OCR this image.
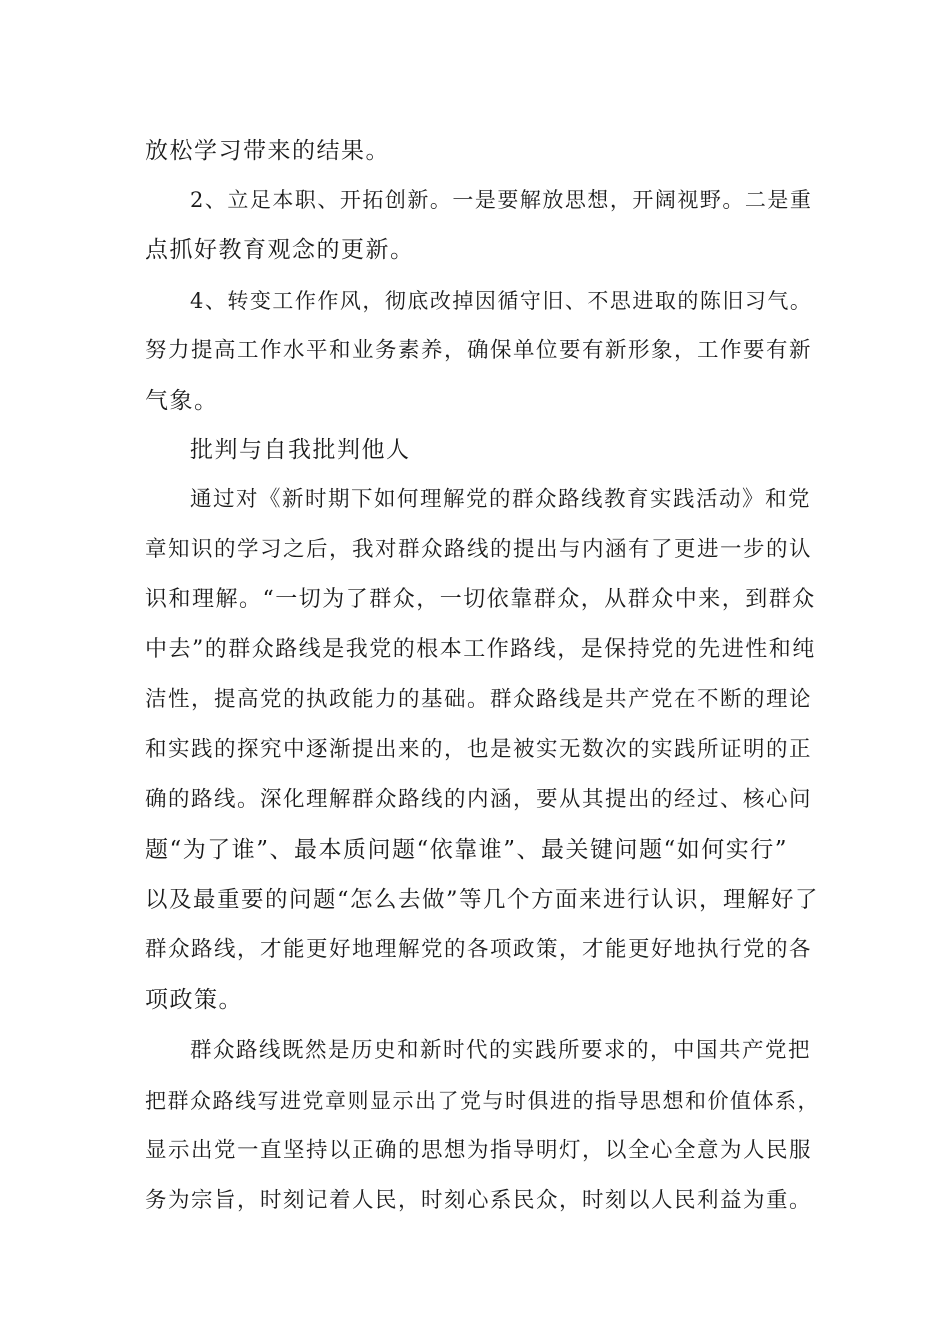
放松学习带来的结果。

2、立足本职、开拓创新。一是要解放思想，开阔视野。二是重

点抓好教育观念的更新。

4、转变工作作风，彻底改掉因循守旧、不思进取的陈旧习气。

努力提高工作水平和业务素养，确保单位要有新形象，工作要有新

气象。

批判与自我批判他人

通过对《新时期下如何理解党的群众路线教育实践活动》和党

章知识的学习之后，我对群众路线的提出与内涵有了更进一步的认

识和理解。“一切为了群众，一切依靠群众，从群众中来，到群众

中去”的群众路线是我党的根本工作路线，是保持党的先进性和纯

洁性，提高党的执政能力的基础。群众路线是共产党在不断的理论

和实践的探究中逐渐提出来的，也是被实无数次的实践所证明的正

确的路线。深化理解群众路线的内涵，要从其提出的经过、核心问

题“为了谁”、最本质问题“依靠谁”、最关键问题“如何实行”

以及最重要的问题“怎么去做”等几个方面来进行认识，理解好了

群众路线，才能更好地理解党的各项政策，才能更好地执行党的各

项政策。

群众路线既然是历史和新时代的实践所要求的，中国共产党把

把群众路线写进党章则显示出了党与时俱进的指导思想和价值体系，

显示出党一直坚持以正确的思想为指导明灯，以全心全意为人民服

务为宗旨，时刻记着人民，时刻心系民众，时刻以人民利益为重。
